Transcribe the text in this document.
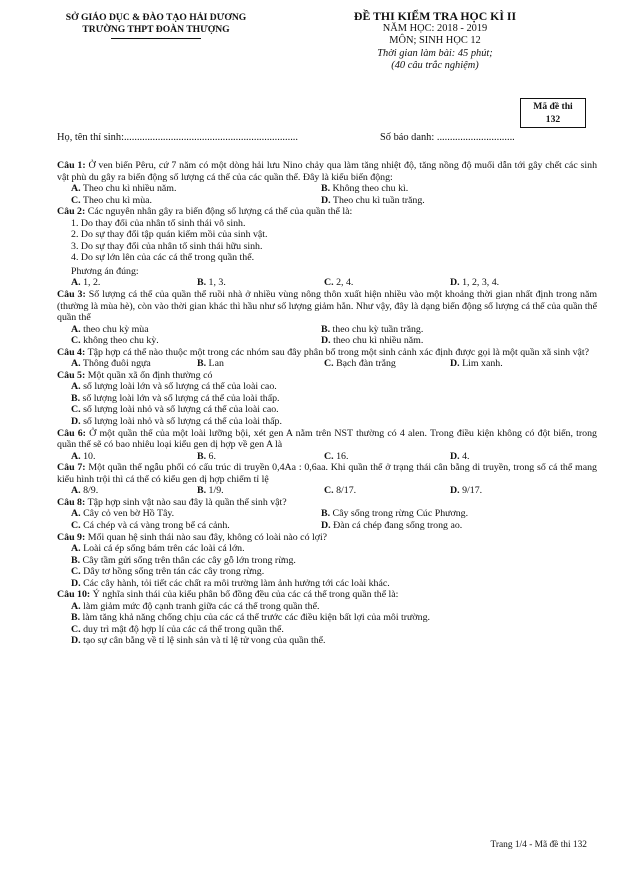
SỞ GIÁO DỤC & ĐÀO TẠO HẢI DƯƠNG
TRƯỜNG THPT ĐOÀN THƯỢNG
ĐỀ THI KIỂM TRA HỌC KÌ II
NĂM HỌC: 2018 - 2019
MÔN; SINH HỌC 12
Thời gian làm bài: 45 phút;
(40 câu trắc nghiệm)
Mã đề thi
132
Họ, tên thí sinh:...................................................................	Số báo danh: ..............................
Câu 1: Ở ven biển Pêru, cứ 7 năm có một dòng hải lưu Nino chảy qua làm tăng nhiệt độ, tăng nồng độ muối dẫn tới gây chết các sinh vật phù du gây ra biến động số lượng cá thể của các quần thể. Đây là kiểu biến động:
A. Theo chu kì nhiều năm.	B. Không theo chu kì.
C. Theo chu kì mùa.	D. Theo chu kì tuần trăng.
Câu 2: Các nguyên nhân gây ra biến động số lượng cá thể của quần thể là:
1. Do thay đổi của nhân tố sinh thái vô sinh.
2. Do sự thay đổi tập quán kiếm mồi của sinh vật.
3. Do sự thay đổi của nhân tố sinh thái hữu sinh.
4. Do sự lớn lên của các cá thể trong quần thể.
Phương án đúng:
A. 1, 2.	B. 1, 3.	C. 2, 4.	D. 1, 2, 3, 4.
Câu 3: Số lượng cá thể của quần thể ruồi nhà ở nhiều vùng nông thôn xuất hiện nhiều vào một khoảng thời gian nhất định trong năm (thường là mùa hè), còn vào thời gian khác thì hầu như số lượng giảm hẳn. Như vậy, đây là dạng biến động số lượng cá thể của quần thể quần thể
A. theo chu kỳ mùa	B. theo chu kỳ tuần trăng.
C. không theo chu kỳ.	D. theo chu kì nhiều năm.
Câu 4: Tập hợp cá thể nào thuộc một trong các nhóm sau đây phân bố trong một sinh cảnh xác định được gọi là một quần xã sinh vật?
A. Thông đuôi ngựa	B. Lan	C. Bạch đàn trắng	D. Lim xanh.
Câu 5: Một quần xã ổn định thường có
A. số lượng loài lớn và số lượng cá thể của loài cao.
B. số lượng loài lớn và số lượng cá thể của loài thấp.
C. số lượng loài nhỏ và số lượng cá thể của loài cao.
D. số lượng loài nhỏ và số lượng cá thể của loài thấp.
Câu 6: Ở một quần thể của một loài lưỡng bội, xét gen A nằm trên NST thường có 4 alen. Trong điều kiện không có đột biến, trong quần thể sẽ có bao nhiêu loại kiểu gen dị hợp về gen A là
A. 10.	B. 6.	C. 16.	D. 4.
Câu 7: Một quần thể ngẫu phối có cấu trúc di truyền 0,4Aa : 0,6aa. Khi quần thể ở trạng thái cân bằng di truyền, trong số cá thể mang kiểu hình trội thì cá thể có kiểu gen dị hợp chiếm tỉ lệ
A. 8/9.	B. 1/9.	C. 8/17.	D. 9/17.
Câu 8: Tập hợp sinh vật nào sau đây là quần thể sinh vật?
A. Cây cỏ ven bờ Hồ Tây.	B. Cây sống trong rừng Cúc Phương.
C. Cá chép và cá vàng trong bể cá cảnh.	D. Đàn cá chép đang sống trong ao.
Câu 9: Mối quan hệ sinh thái nào sau đây, không có loài nào có lợi?
A. Loài cá ép sống bám trên các loài cá lớn.
B. Cây tầm gửi sống trên thân các cây gỗ lớn trong rừng.
C. Dây tơ hồng sống trên tán các cây trong rừng.
D. Các cây hành, tỏi tiết các chất ra môi trường làm ảnh hưởng tới các loài khác.
Câu 10: Ý nghĩa sinh thái của kiểu phân bố đồng đều của các cá thể trong quần thể là:
A. làm giảm mức độ cạnh tranh giữa các cá thể trong quần thể.
B. làm tăng khả năng chống chịu của các cá thể trước các điều kiện bất lợi của môi trường.
C. duy trì mật độ hợp lí của các cá thể trong quần thể.
D. tạo sự cân bằng về tỉ lệ sinh sản và tỉ lệ tử vong của quần thể.
Trang 1/4 - Mã đề thi 132
